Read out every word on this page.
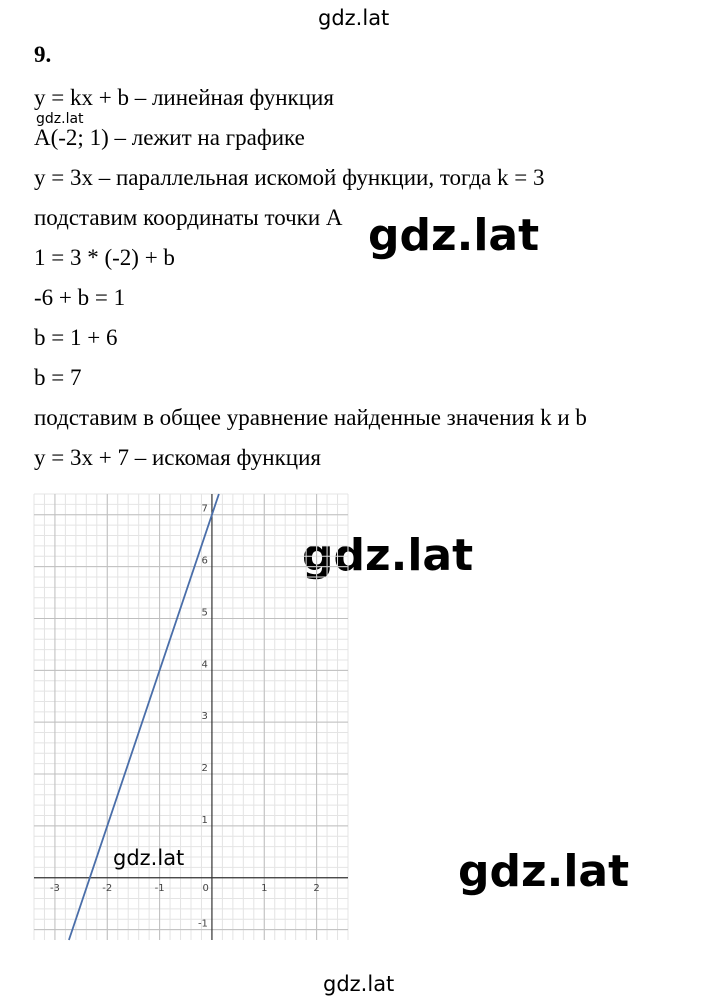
gdz.lat
9.
y = kx + b – линейная функция
gdz.lat
A(-2; 1) – лежит на графике
y = 3x – параллельная искомой функции, тогда k = 3
подставим координаты точки A
1 = 3 * (-2) + b
-6 + b = 1
b = 1 + 6
b = 7
подставим в общее уравнение найденные значения k и b
y = 3x + 7 – искомая функция
gdz.lat
gdz.lat
gdz.lat
-3	-2	-1	0	1	2
-1
1
2
3
4
5
6
7
gdz.lat
gdz.lat
